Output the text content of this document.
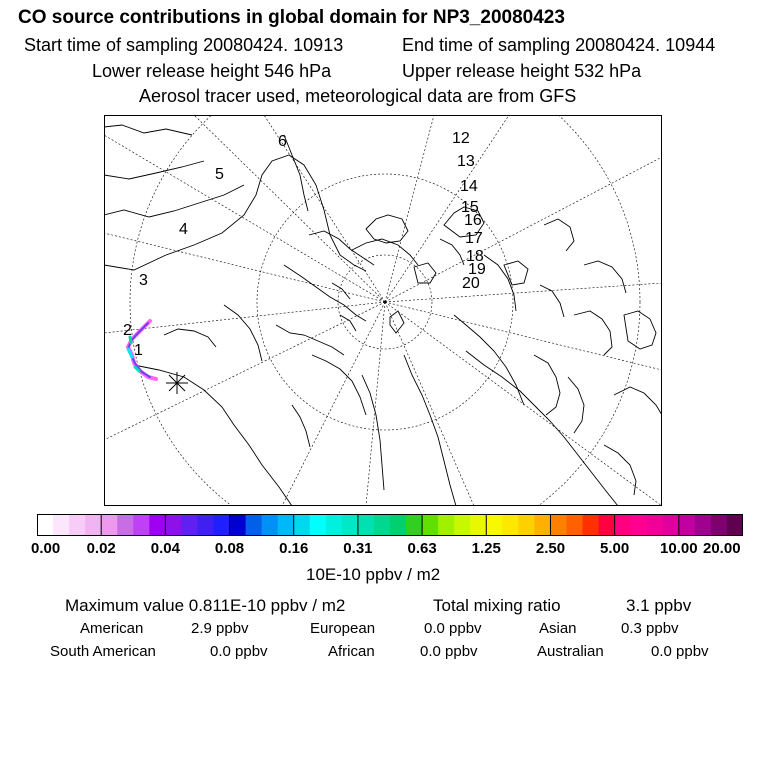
CO source contributions in global domain for NP3_20080423
Start time of sampling 20080424. 10913	End time of sampling 20080424. 10944
Lower release height 546 hPa	Upper release height 532 hPa
Aerosol tracer used, meteorological data are from GFS
6
5
4
3
2
1
12
13
14
15
16
17
18
19
20
0.00 0.02 0.04 0.08 0.16 0.31 0.63 1.25 2.50 5.00 10.00 20.00
10E-10 ppbv / m2
Maximum value 0.811E-10 ppbv / m2	Total mixing ratio	3.1 ppbv
American	2.9 ppbv	European	0.0 ppbv	Asian	0.3 ppbv
South American	0.0 ppbv	African	0.0 ppbv	Australian	0.0 ppbv
